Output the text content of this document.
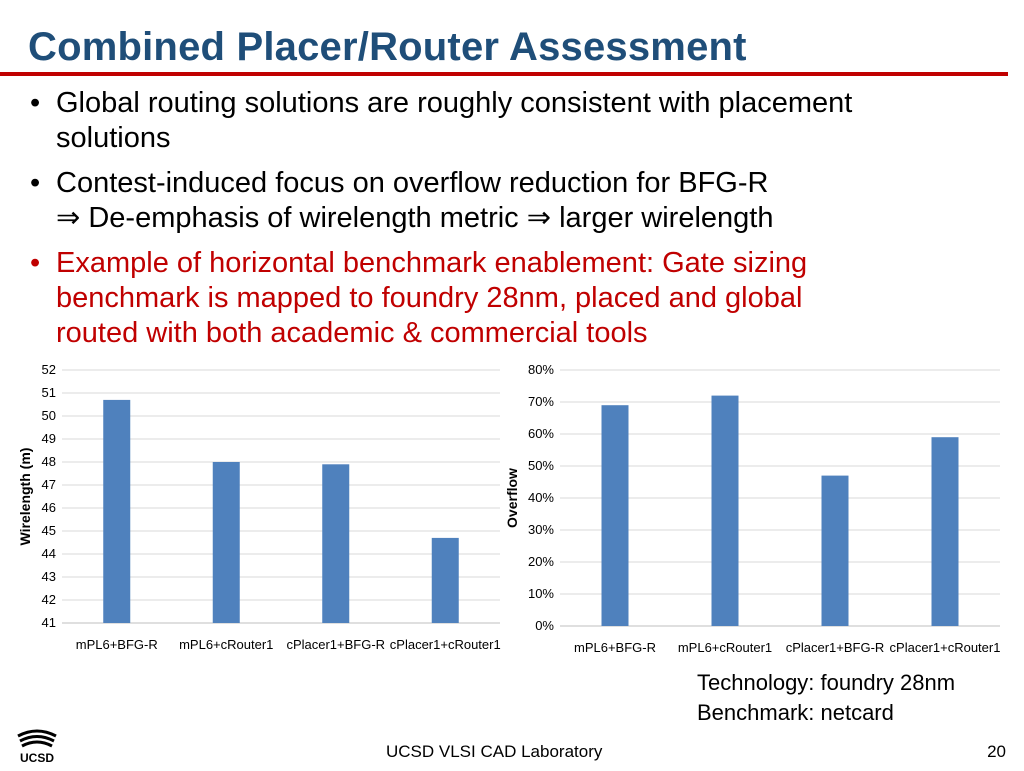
Combined Placer/Router Assessment
• Global routing solutions are roughly consistent with placement
solutions
• Contest-induced focus on overflow reduction for BFG-R
⇒ De-emphasis of wirelength metric ⇒ larger wirelength
• Example of horizontal benchmark enablement: Gate sizing
benchmark is mapped to foundry 28nm, placed and global
routed with both academic & commercial tools
41
42
43
44
45
46
47
48
49
50
51
52
mPL6+BFG-R mPL6+cRouter1 cPlacer1+BFG-R cPlacer1+cRouter1
Wirelength (m)
0%
10%
20%
30%
40%
50%
60%
70%
80%
mPL6+BFG-R mPL6+cRouter1 cPlacer1+BFG-R cPlacer1+cRouter1
Overflow
Technology: foundry 28nm
Benchmark: netcard
UCSD	UCSD VLSI CAD Laboratory	20
